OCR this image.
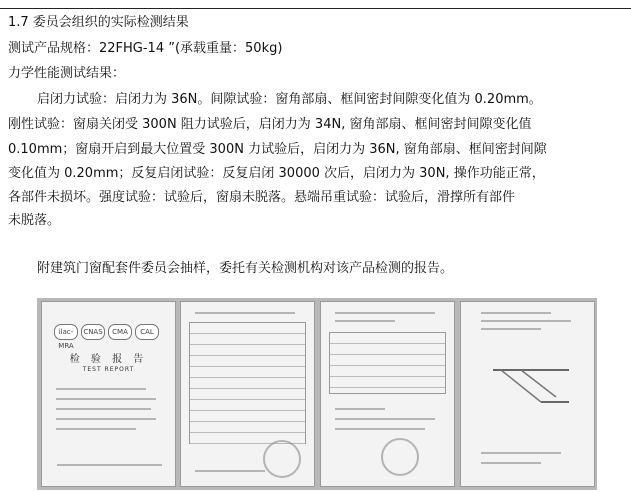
1.7 委员会组织的实际检测结果
测试产品规格：22FHG-14 ”(承载重量：50kg)
力学性能测试结果：
启闭力试验：启闭力为 36N。间隙试验：窗角部扇、框间密封间隙变化值为 0.20mm。
刚性试验：窗扇关闭受 300N 阻力试验后，启闭力为 34N, 窗角部扇、框间密封间隙变化值
0.10mm；窗扇开启到最大位置受 300N 力试验后，启闭力为 36N, 窗角部扇、框间密封间隙
变化值为 0.20mm；反复启闭试验：反复启闭 30000 次后，启闭力为 30N, 操作功能正常，
各部件未损坏。强度试验：试验后，窗扇未脱落。悬端吊重试验：试验后，滑撑所有部件
未脱落。
附建筑门窗配套件委员会抽样，委托有关检测机构对该产品检测的报告。
ilac-MRA
CNAS	CMA	CAL
检 验 报 告
TEST REPORT
